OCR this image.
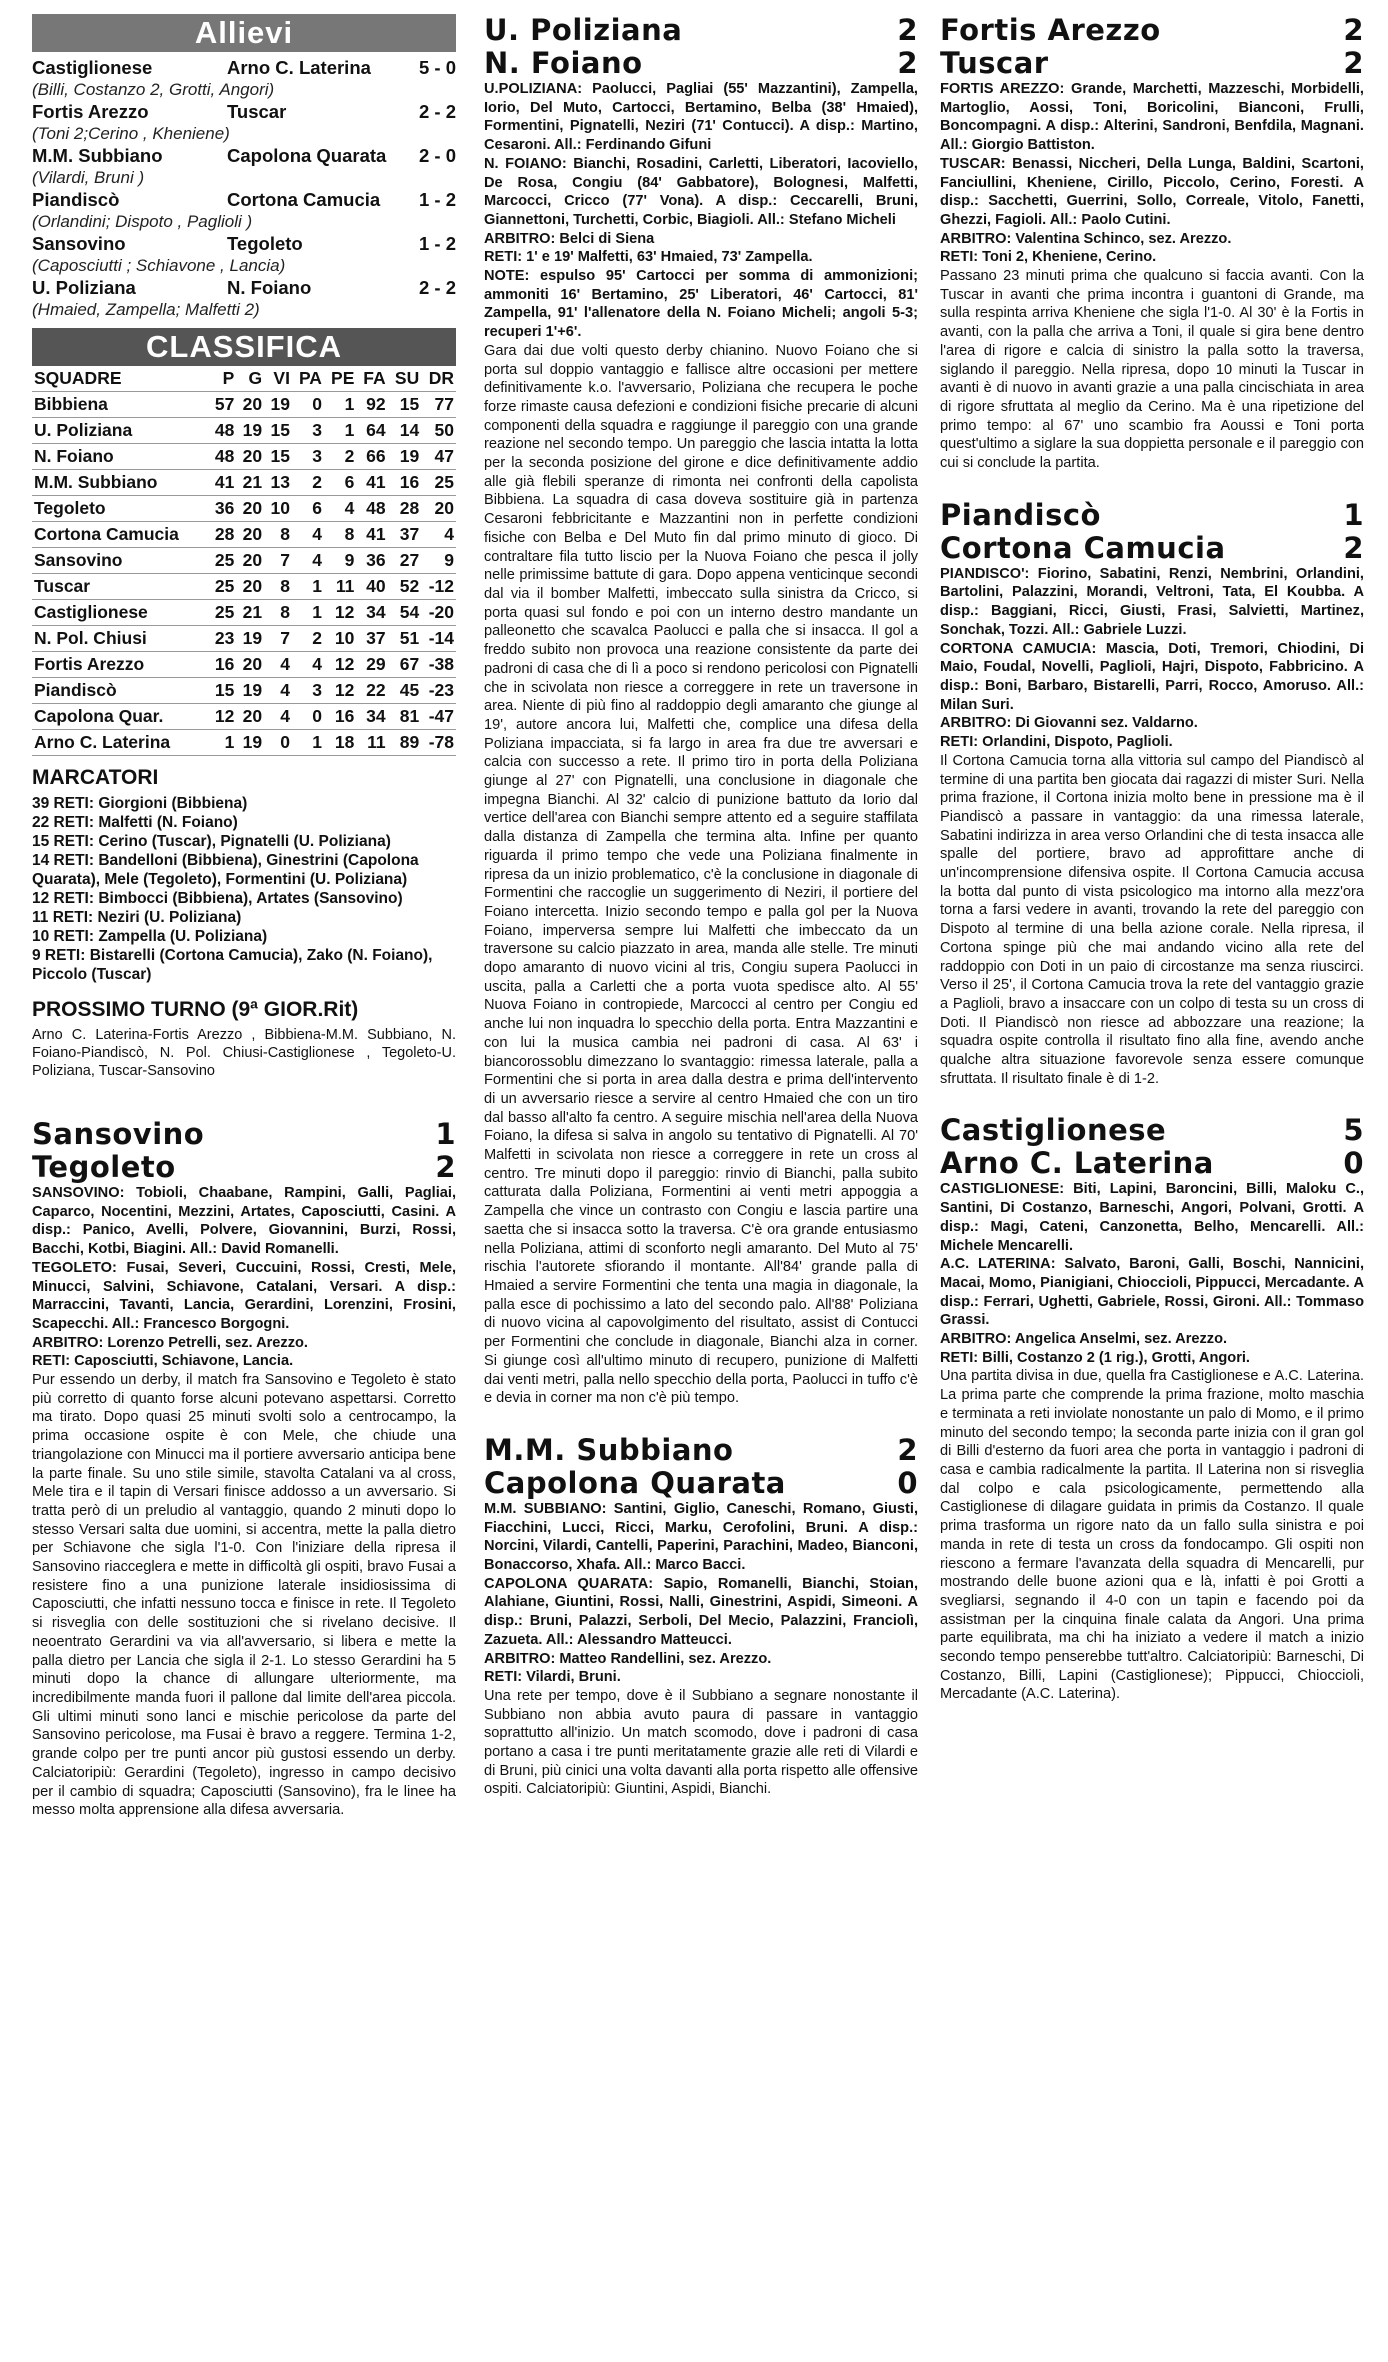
Allievi
Castiglionese	Arno C. Laterina	5 - 0
(Billi, Costanzo 2, Grotti, Angori)
Fortis Arezzo	Tuscar	2 - 2
(Toni 2;Cerino , Kheniene)
M.M. Subbiano	Capolona Quarata	2 - 0
(Vilardi, Bruni )
Piandiscò	Cortona Camucia	1 - 2
(Orlandini; Dispoto , Paglioli )
Sansovino	Tegoleto	1 - 2
(Caposciutti ; Schiavone , Lancia)
U. Poliziana	N. Foiano	2 - 2
(Hmaied, Zampella; Malfetti 2)
CLASSIFICA
SQUADRE	P	G	VI	PA	PE	FA	SU	DR
Bibbiena	57	20	19	0	1	92	15	77
U. Poliziana	48	19	15	3	1	64	14	50
N. Foiano	48	20	15	3	2	66	19	47
M.M. Subbiano	41	21	13	2	6	41	16	25
Tegoleto	36	20	10	6	4	48	28	20
Cortona Camucia	28	20	8	4	8	41	37	4
Sansovino	25	20	7	4	9	36	27	9
Tuscar	25	20	8	1	11	40	52	-12
Castiglionese	25	21	8	1	12	34	54	-20
N. Pol. Chiusi	23	19	7	2	10	37	51	-14
Fortis Arezzo	16	20	4	4	12	29	67	-38
Piandiscò	15	19	4	3	12	22	45	-23
Capolona Quar.	12	20	4	0	16	34	81	-47
Arno C. Laterina	1	19	0	1	18	11	89	-78
MARCATORI
39 RETI: Giorgioni (Bibbiena)
22 RETI: Malfetti (N. Foiano)
15 RETI: Cerino (Tuscar), Pignatelli (U. Poliziana)
14 RETI: Bandelloni (Bibbiena), Ginestrini (Capolona Quarata), Mele (Tegoleto), Formentini (U. Poliziana)
12 RETI: Bimbocci (Bibbiena), Artates (Sansovino)
11 RETI: Neziri (U. Poliziana)
10 RETI: Zampella (U. Poliziana)
9 RETI: Bistarelli (Cortona Camucia), Zako (N. Foiano), Piccolo (Tuscar)
PROSSIMO TURNO (9ª GIOR.Rit)
Arno C. Laterina-Fortis Arezzo , Bibbiena-M.M. Subbiano, N. Foiano-Piandiscò, N. Pol. Chiusi-Castiglionese , Tegoleto-U. Poliziana, Tuscar-Sansovino
Sansovino	1
Tegoleto	2

SANSOVINO: Tobioli, Chaabane, Rampini, Galli, Pagliai, Caparco, Nocentini, Mezzini, Artates, Caposciutti, Casini. A disp.: Panico, Avelli, Polvere, Giovannini, Burzi, Rossi, Bacchi, Kotbi, Biagini. All.: David Romanelli.

TEGOLETO: Fusai, Severi, Cuccuini, Rossi, Cresti, Mele, Minucci, Salvini, Schiavone, Catalani, Versari. A disp.: Marraccini, Tavanti, Lancia, Gerardini, Lorenzini, Frosini, Scapecchi. All.: Francesco Borgogni.

ARBITRO: Lorenzo Petrelli, sez. Arezzo.

RETI: Caposciutti, Schiavone, Lancia.

Pur essendo un derby, il match fra Sansovino e Tegoleto è stato più corretto di quanto forse alcuni potevano aspettarsi. Corretto ma tirato. Dopo quasi 25 minuti svolti solo a centrocampo, la prima occasione ospite è con Mele, che chiude una triangolazione con Minucci ma il portiere avversario anticipa bene la parte finale. Su uno stile simile, stavolta Catalani va al cross, Mele tira e il tapin di Versari finisce addosso a un avversario. Si tratta però di un preludio al vantaggio, quando 2 minuti dopo lo stesso Versari salta due uomini, si accentra, mette la palla dietro per Schiavone che sigla l'1-0. Con l'iniziare della ripresa il Sansovino riacceglera e mette in difficoltà gli ospiti, bravo Fusai a resistere fino a una punizione laterale insidiosissima di Caposciutti, che infatti nessuno tocca e finisce in rete. Il Tegoleto si risveglia con delle sostituzioni che si rivelano decisive. Il neoentrato Gerardini va via all'avversario, si libera e mette la palla dietro per Lancia che sigla il 2-1. Lo stesso Gerardini ha 5 minuti dopo la chance di allungare ulteriormente, ma incredibilmente manda fuori il pallone dal limite dell'area piccola. Gli ultimi minuti sono lanci e mischie pericolose da parte del Sansovino pericolose, ma Fusai è bravo a reggere. Termina 1-2, grande colpo per tre punti ancor più gustosi essendo un derby. Calciatoripiù: Gerardini (Tegoleto), ingresso in campo decisivo per il cambio di squadra; Caposciutti (Sansovino), fra le linee ha messo molta apprensione alla difesa avversaria.

U. Poliziana	2
N. Foiano	2

U.POLIZIANA: Paolucci, Pagliai (55' Mazzantini), Zampella, Iorio, Del Muto, Cartocci, Bertamino, Belba (38' Hmaied), Formentini, Pignatelli, Neziri (71' Contucci). A disp.: Martino, Cesaroni. All.: Ferdinando Gifuni

N. FOIANO: Bianchi, Rosadini, Carletti, Liberatori, Iacoviello, De Rosa, Congiu (84' Gabbatore), Bolognesi, Malfetti, Marcocci, Cricco (77' Vona). A disp.: Ceccarelli, Bruni, Giannettoni, Turchetti, Corbic, Biagioli. All.: Stefano Micheli

ARBITRO: Belci di Siena

RETI: 1' e 19' Malfetti, 63' Hmaied, 73' Zampella.

NOTE: espulso 95' Cartocci per somma di ammonizioni; ammoniti 16' Bertamino, 25' Liberatori, 46' Cartocci, 81' Zampella, 91' l'allenatore della N. Foiano Micheli; angoli 5-3; recuperi 1'+6'.

Gara dai due volti questo derby chianino. Nuovo Foiano che si porta sul doppio vantaggio e fallisce altre occasioni per mettere definitivamente k.o. l'avversario, Poliziana che recupera le poche forze rimaste causa defezioni e condizioni fisiche precarie di alcuni componenti della squadra e raggiunge il pareggio con una grande reazione nel secondo tempo. Un pareggio che lascia intatta la lotta per la seconda posizione del girone e dice definitivamente addio alle già flebili speranze di rimonta nei confronti della capolista Bibbiena. La squadra di casa doveva sostituire già in partenza Cesaroni febbricitante e Mazzantini non in perfette condizioni fisiche con Belba e Del Muto fin dal primo minuto di gioco. Di contraltare fila tutto liscio per la Nuova Foiano che pesca il jolly nelle primissime battute di gara. Dopo appena venticinque secondi dal via il bomber Malfetti, imbeccato sulla sinistra da Cricco, si porta quasi sul fondo e poi con un interno destro mandante un palleonetto che scavalca Paolucci e palla che si insacca. Il gol a freddo subito non provoca una reazione consistente da parte dei padroni di casa che di lì a poco si rendono pericolosi con Pignatelli che in scivolata non riesce a correggere in rete un traversone in area. Niente di più fino al raddoppio degli amaranto che giunge al 19', autore ancora lui, Malfetti che, complice una difesa della Poliziana impacciata, si fa largo in area fra due tre avversari e calcia con successo a rete. Il primo tiro in porta della Poliziana giunge al 27' con Pignatelli, una conclusione in diagonale che impegna Bianchi. Al 32' calcio di punizione battuto da Iorio dal vertice dell'area con Bianchi sempre attento ed a seguire staffilata dalla distanza di Zampella che termina alta. Infine per quanto riguarda il primo tempo che vede una Poliziana finalmente in ripresa da un inizio problematico, c'è la conclusione in diagonale di Formentini che raccoglie un suggerimento di Neziri, il portiere del Foiano intercetta. Inizio secondo tempo e palla gol per la Nuova Foiano, imperversa sempre lui Malfetti che imbeccato da un traversone su calcio piazzato in area, manda alle stelle. Tre minuti dopo amaranto di nuovo vicini al tris, Congiu supera Paolucci in uscita, palla a Carletti che a porta vuota spedisce alto. Al 55' Nuova Foiano in contropiede, Marcocci al centro per Congiu ed anche lui non inquadra lo specchio della porta. Entra Mazzantini e con lui la musica cambia nei padroni di casa. Al 63' i biancorossoblu dimezzano lo svantaggio: rimessa laterale, palla a Formentini che si porta in area dalla destra e prima dell'intervento di un avversario riesce a servire al centro Hmaied che con un tiro dal basso all'alto fa centro. A seguire mischia nell'area della Nuova Foiano, la difesa si salva in angolo su tentativo di Pignatelli. Al 70' Malfetti in scivolata non riesce a correggere in rete un cross al centro. Tre minuti dopo il pareggio: rinvio di Bianchi, palla subito catturata dalla Poliziana, Formentini ai venti metri appoggia a Zampella che vince un contrasto con Congiu e lascia partire una saetta che si insacca sotto la traversa. C'è ora grande entusiasmo nella Poliziana, attimi di sconforto negli amaranto. Del Muto al 75' rischia l'autorete sfiorando il montante. All'84' grande palla di Hmaied a servire Formentini che tenta una magia in diagonale, la palla esce di pochissimo a lato del secondo palo. All'88' Poliziana di nuovo vicina al capovolgimento del risultato, assist di Contucci per Formentini che conclude in diagonale, Bianchi alza in corner. Si giunge così all'ultimo minuto di recupero, punizione di Malfetti dai venti metri, palla nello specchio della porta, Paolucci in tuffo c'è e devia in corner ma non c'è più tempo.

M.M. Subbiano	2
Capolona Quarata	0

M.M. SUBBIANO: Santini, Giglio, Caneschi, Romano, Giusti, Fiacchini, Lucci, Ricci, Marku, Cerofolini, Bruni. A disp.: Norcini, Vilardi, Cantelli, Paperini, Parachini, Madeo, Bianconi, Bonaccorso, Xhafa. All.: Marco Bacci.

CAPOLONA QUARATA: Sapio, Romanelli, Bianchi, Stoian, Alahiane, Giuntini, Rossi, Nalli, Ginestrini, Aspidi, Simeoni. A disp.: Bruni, Palazzi, Serboli, Del Mecio, Palazzini, Franciolì, Zazueta. All.: Alessandro Matteucci.

ARBITRO: Matteo Randellini, sez. Arezzo.

RETI: Vilardi, Bruni.

Una rete per tempo, dove è il Subbiano a segnare nonostante il Subbiano non abbia avuto paura di passare in vantaggio soprattutto all'inizio. Un match scomodo, dove i padroni di casa portano a casa i tre punti meritatamente grazie alle reti di Vilardi e di Bruni, più cinici una volta davanti alla porta rispetto alle offensive ospiti. Calciatoripiù: Giuntini, Aspidi, Bianchi.

Fortis Arezzo	2
Tuscar	2

FORTIS AREZZO: Grande, Marchetti, Mazzeschi, Morbidelli, Martoglio, Aossi, Toni, Boricolini, Bianconi, Frulli, Boncompagni. A disp.: Alterini, Sandroni, Benfdila, Magnani. All.: Giorgio Battiston.

TUSCAR: Benassi, Niccheri, Della Lunga, Baldini, Scartoni, Fanciullini, Kheniene, Cirillo, Piccolo, Cerino, Foresti. A disp.: Sacchetti, Guerrini, Sollo, Correale, Vitolo, Fanetti, Ghezzi, Fagioli. All.: Paolo Cutini.

ARBITRO: Valentina Schinco, sez. Arezzo.

RETI: Toni 2, Kheniene, Cerino.

Passano 23 minuti prima che qualcuno si faccia avanti. Con la Tuscar in avanti che prima incontra i guantoni di Grande, ma sulla respinta arriva Kheniene che sigla l'1-0. Al 30' è la Fortis in avanti, con la palla che arriva a Toni, il quale si gira bene dentro l'area di rigore e calcia di sinistro la palla sotto la traversa, siglando il pareggio. Nella ripresa, dopo 10 minuti la Tuscar in avanti è di nuovo in avanti grazie a una palla cincischiata in area di rigore sfruttata al meglio da Cerino. Ma è una ripetizione del primo tempo: al 67' uno scambio fra Aoussi e Toni porta quest'ultimo a siglare la sua doppietta personale e il pareggio con cui si conclude la partita.

Piandiscò	1
Cortona Camucia	2

PIANDISCO': Fiorino, Sabatini, Renzi, Nembrini, Orlandini, Bartolini, Palazzini, Morandi, Veltroni, Tata, El Koubba. A disp.: Baggiani, Ricci, Giusti, Frasi, Salvietti, Martinez, Sonchak, Tozzi. All.: Gabriele Luzzi.

CORTONA CAMUCIA: Mascia, Doti, Tremori, Chiodini, Di Maio, Foudal, Novelli, Paglioli, Hajri, Dispoto, Fabbricino. A disp.: Boni, Barbaro, Bistarelli, Parri, Rocco, Amoruso. All.: Milan Suri.

ARBITRO: Di Giovanni sez. Valdarno.

RETI: Orlandini, Dispoto, Paglioli.

Il Cortona Camucia torna alla vittoria sul campo del Piandiscò al termine di una partita ben giocata dai ragazzi di mister Suri. Nella prima frazione, il Cortona inizia molto bene in pressione ma è il Piandiscò a passare in vantaggio: da una rimessa laterale, Sabatini indirizza in area verso Orlandini che di testa insacca alle spalle del portiere, bravo ad approfittare anche di un'incomprensione difensiva ospite. Il Cortona Camucia accusa la botta dal punto di vista psicologico ma intorno alla mezz'ora torna a farsi vedere in avanti, trovando la rete del pareggio con Dispoto al termine di una bella azione corale. Nella ripresa, il Cortona spinge più che mai andando vicino alla rete del raddoppio con Doti in un paio di circostanze ma senza riuscirci. Verso il 25', il Cortona Camucia trova la rete del vantaggio grazie a Paglioli, bravo a insaccare con un colpo di testa su un cross di Doti. Il Piandiscò non riesce ad abbozzare una reazione; la squadra ospite controlla il risultato fino alla fine, avendo anche qualche altra situazione favorevole senza essere comunque sfruttata. Il risultato finale è di 1-2.

Castiglionese	5
Arno C. Laterina	0

CASTIGLIONESE: Biti, Lapini, Baroncini, Billi, Maloku C., Santini, Di Costanzo, Barneschi, Angori, Polvani, Grotti. A disp.: Magi, Cateni, Canzonetta, Belho, Mencarelli. All.: Michele Mencarelli.

A.C. LATERINA: Salvato, Baroni, Galli, Boschi, Nannicini, Macai, Momo, Pianigiani, Chioccioli, Pippucci, Mercadante. A disp.: Ferrari, Ughetti, Gabriele, Rossi, Gironi. All.: Tommaso Grassi.

ARBITRO: Angelica Anselmi, sez. Arezzo.

RETI: Billi, Costanzo 2 (1 rig.), Grotti, Angori.

Una partita divisa in due, quella fra Castiglionese e A.C. Laterina. La prima parte che comprende la prima frazione, molto maschia e terminata a reti inviolate nonostante un palo di Momo, e il primo minuto del secondo tempo; la seconda parte inizia con il gran gol di Billi d'esterno da fuori area che porta in vantaggio i padroni di casa e cambia radicalmente la partita. Il Laterina non si risveglia dal colpo e cala psicologicamente, permettendo alla Castiglionese di dilagare guidata in primis da Costanzo. Il quale prima trasforma un rigore nato da un fallo sulla sinistra e poi manda in rete di testa un cross da fondocampo. Gli ospiti non riescono a fermare l'avanzata della squadra di Mencarelli, pur mostrando delle buone azioni qua e là, infatti è poi Grotti a svegliarsi, segnando il 4-0 con un tapin e facendo poi da assistman per la cinquina finale calata da Angori. Una prima parte equilibrata, ma chi ha iniziato a vedere il match a inizio secondo tempo penserebbe tutt'altro. Calciatoripiù: Barneschi, Di Costanzo, Billi, Lapini (Castiglionese); Pippucci, Chioccioli, Mercadante (A.C. Laterina).
